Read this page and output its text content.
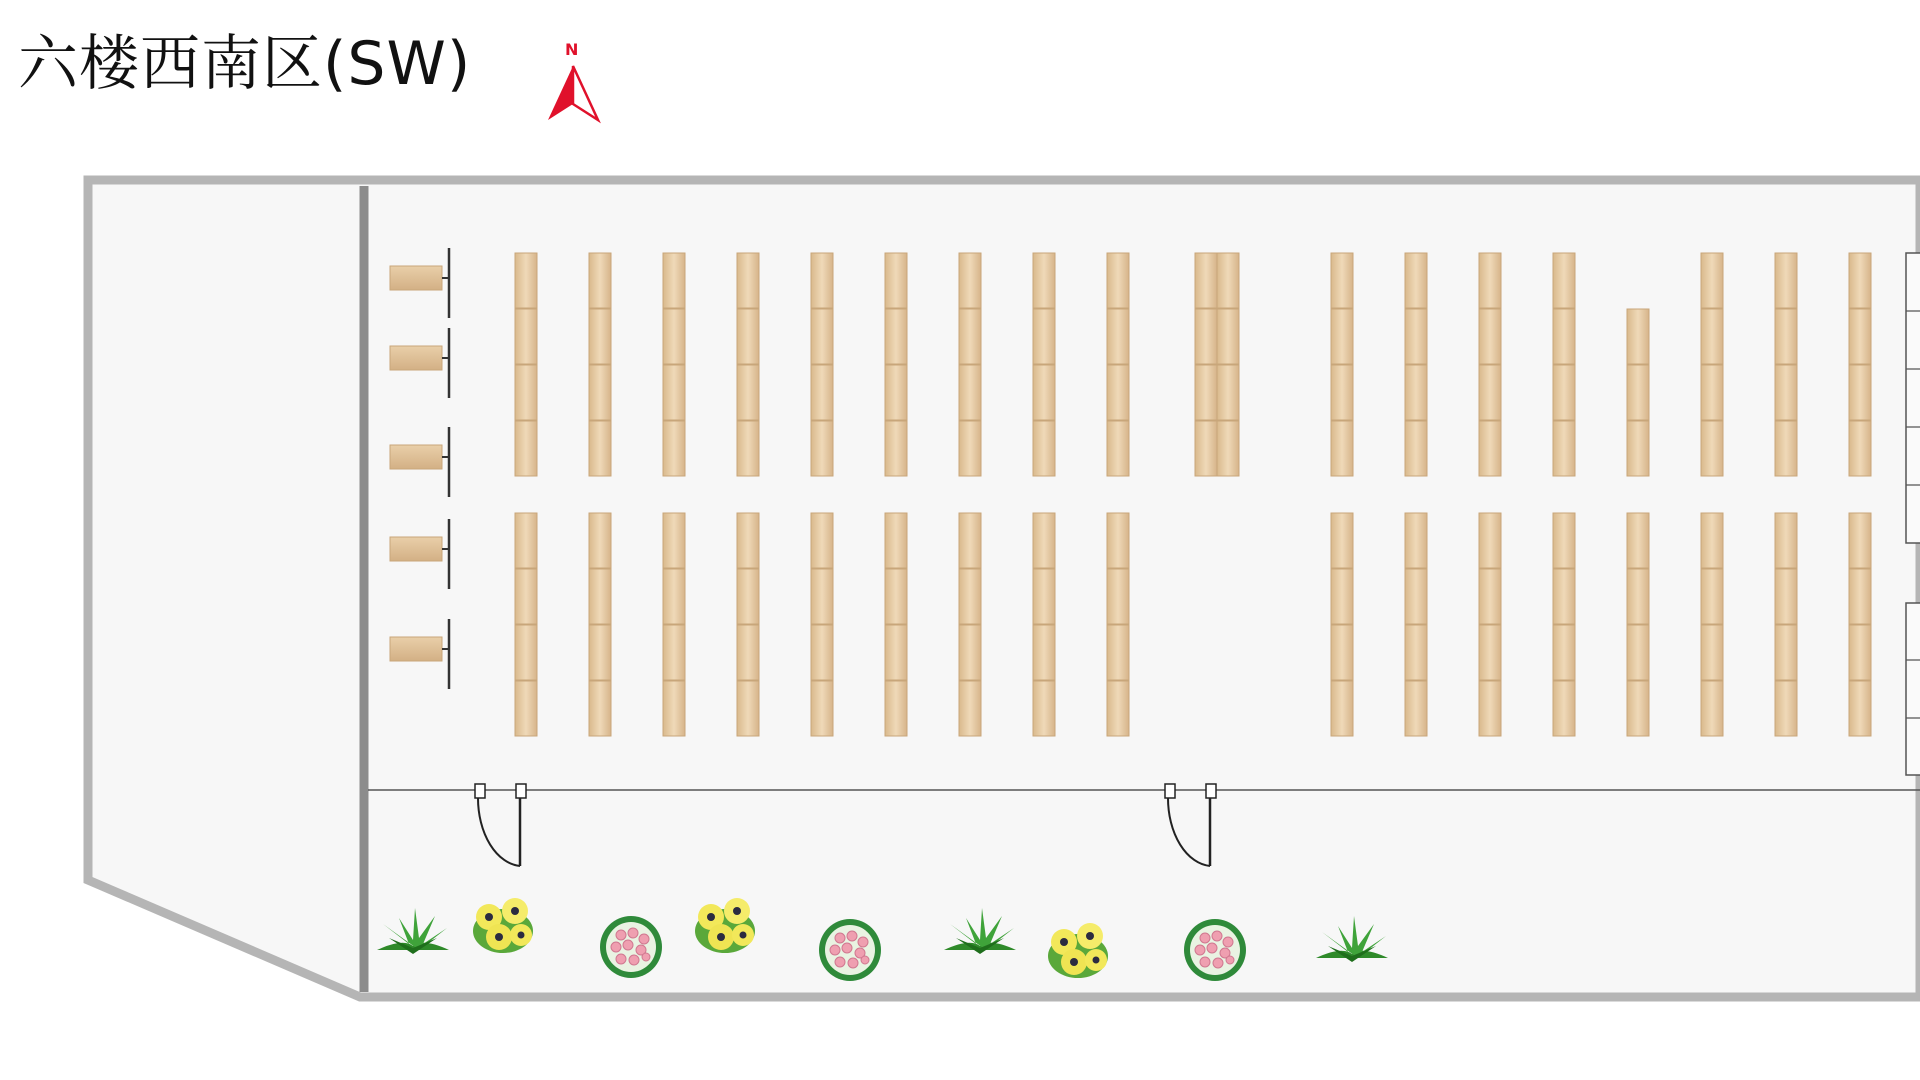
六楼西南区(SW)	N
